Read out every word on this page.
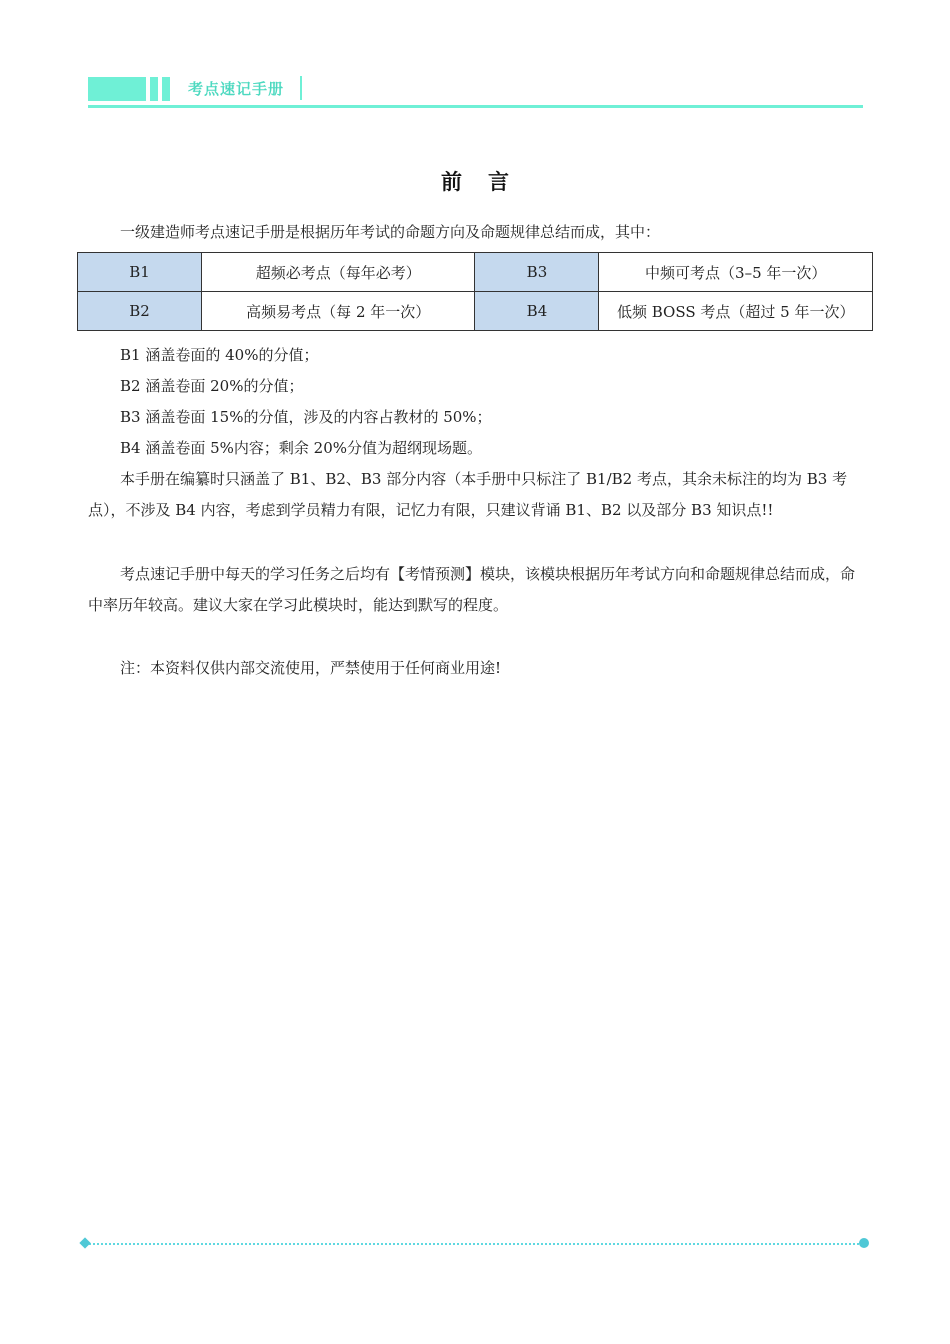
考点速记手册
前言

一级建造师考点速记手册是根据历年考试的命题方向及命题规律总结而成，其中：

B1	超频必考点（每年必考）	B3	中频可考点（3–5 年一次）
B2	高频易考点（每 2 年一次）	B4	低频 BOSS 考点（超过 5 年一次）

B1 涵盖卷面的 40%的分值；

B2 涵盖卷面 20%的分值；

B3 涵盖卷面 15%的分值，涉及的内容占教材的 50%；

B4 涵盖卷面 5%内容；剩余 20%分值为超纲现场题。

本手册在编纂时只涵盖了 B1、B2、B3 部分内容（本手册中只标注了 B1/B2 考点，其余未标注的均为 B3 考点），不涉及 B4 内容，考虑到学员精力有限，记忆力有限，只建议背诵 B1、B2 以及部分 B3 知识点!!

考点速记手册中每天的学习任务之后均有【考情预测】模块，该模块根据历年考试方向和命题规律总结而成，命中率历年较高。建议大家在学习此模块时，能达到默写的程度。

注：本资料仅供内部交流使用，严禁使用于任何商业用途!
